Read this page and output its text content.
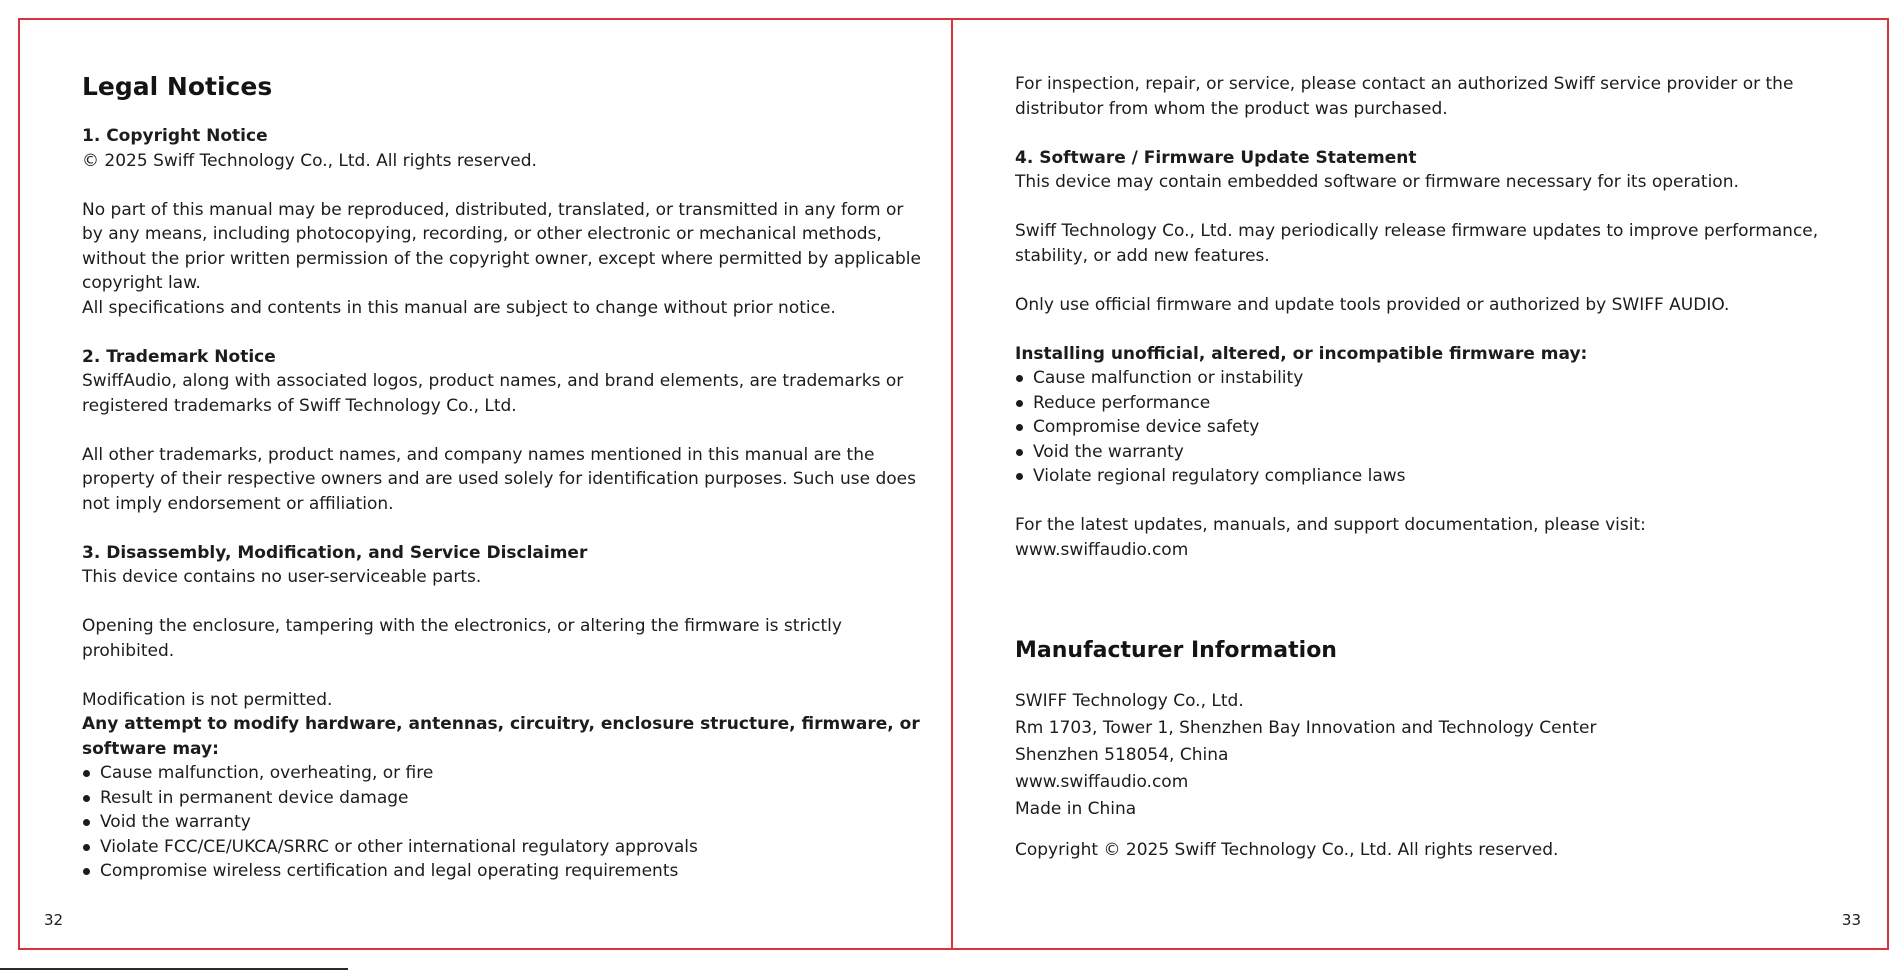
Legal Notices

1. Copyright Notice

© 2025 Swiff Technology Co., Ltd. All rights reserved.

No part of this manual may be reproduced, distributed, translated, or transmitted in any form or by any means, including photocopying, recording, or other electronic or mechanical methods, without the prior written permission of the copyright owner, except where permitted by applicable copyright law.

All specifications and contents in this manual are subject to change without prior notice.

2. Trademark Notice

SwiffAudio, along with associated logos, product names, and brand elements, are trademarks or registered trademarks of Swiff Technology Co., Ltd.

All other trademarks, product names, and company names mentioned in this manual are the property of their respective owners and are used solely for identification purposes. Such use does not imply endorsement or affiliation.

3. Disassembly, Modification, and Service Disclaimer

This device contains no user-serviceable parts.

Opening the enclosure, tampering with the electronics, or altering the firmware is strictly prohibited.

Modification is not permitted.

Any attempt to modify hardware, antennas, circuitry, enclosure structure, firmware, or software may:

Cause malfunction, overheating, or fire
Result in permanent device damage
Void the warranty
Violate FCC/CE/UKCA/SRRC or other international regulatory approvals
Compromise wireless certification and legal operating requirements
32

For inspection, repair, or service, please contact an authorized Swiff service provider or the distributor from whom the product was purchased.

4. Software / Firmware Update Statement

This device may contain embedded software or firmware necessary for its operation.

Swiff Technology Co., Ltd. may periodically release firmware updates to improve performance, stability, or add new features.

Only use official firmware and update tools provided or authorized by SWIFF AUDIO.

Installing unofficial, altered, or incompatible firmware may:

Cause malfunction or instability
Reduce performance
Compromise device safety
Void the warranty
Violate regional regulatory compliance laws

For the latest updates, manuals, and support documentation, please visit:

www.swiffaudio.com

Manufacturer Information

SWIFF Technology Co., Ltd.

Rm 1703, Tower 1, Shenzhen Bay Innovation and Technology Center

Shenzhen 518054, China

www.swiffaudio.com

Made in China

Copyright © 2025 Swiff Technology Co., Ltd. All rights reserved.

33
